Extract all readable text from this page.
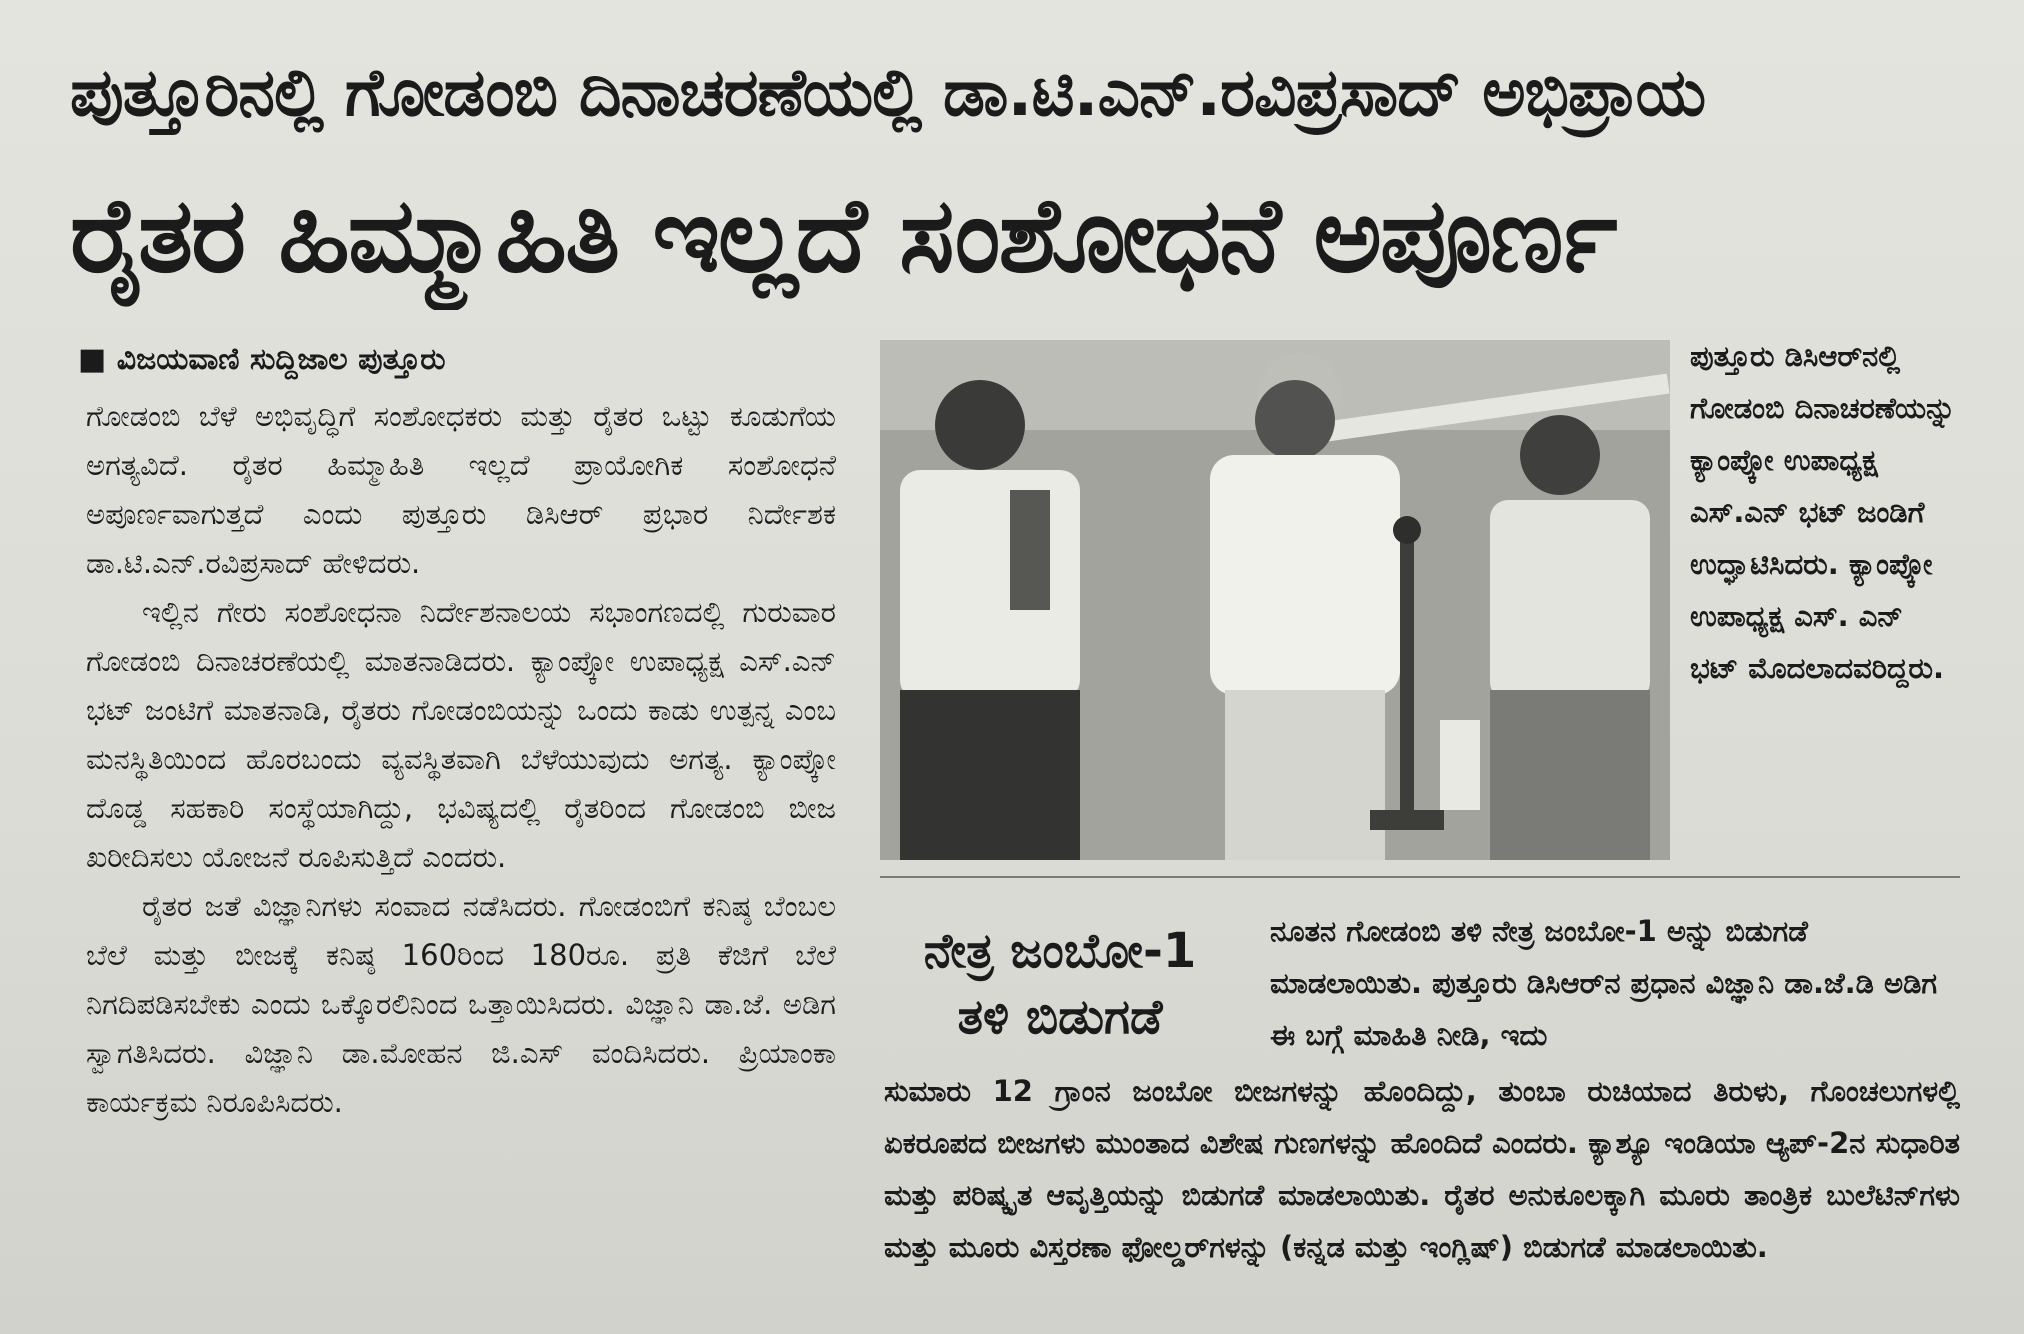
ಪುತ್ತೂರಿನಲ್ಲಿ ಗೋಡಂಬಿ ದಿನಾಚರಣೆಯಲ್ಲಿ ಡಾ.ಟಿ.ಎನ್.ರವಿಪ್ರಸಾದ್ ಅಭಿಪ್ರಾಯ
ರೈತರ ಹಿಮ್ಮಾಹಿತಿ ಇಲ್ಲದೆ ಸಂಶೋಧನೆ ಅಪೂರ್ಣ
■ ವಿಜಯವಾಣಿ ಸುದ್ದಿಜಾಲ ಪುತ್ತೂರು

ಗೋಡಂಬಿ ಬೆಳೆ ಅಭಿವೃದ್ಧಿಗೆ ಸಂಶೋಧಕರು ಮತ್ತು ರೈತರ ಒಟ್ಟು ಕೂಡುಗೆಯ ಅಗತ್ಯವಿದೆ. ರೈತರ ಹಿಮ್ಮಾಹಿತಿ ಇಲ್ಲದೆ ಪ್ರಾಯೋಗಿಕ ಸಂಶೋಧನೆ ಅಪೂರ್ಣವಾಗುತ್ತದೆ ಎಂದು ಪುತ್ತೂರು ಡಿಸಿಆರ್ ಪ್ರಭಾರ ನಿರ್ದೇಶಕ ಡಾ.ಟಿ.ಎನ್.ರವಿಪ್ರಸಾದ್ ಹೇಳಿದರು.

ಇಲ್ಲಿನ ಗೇರು ಸಂಶೋಧನಾ ನಿರ್ದೇಶನಾಲಯ ಸಭಾಂಗಣದಲ್ಲಿ ಗುರುವಾರ ಗೋಡಂಬಿ ದಿನಾಚರಣೆಯಲ್ಲಿ ಮಾತನಾಡಿದರು. ಕ್ಯಾಂಪ್ಕೋ ಉಪಾಧ್ಯಕ್ಷ ಎಸ್.ಎನ್ ಭಟ್ ಜಂಟಿಗೆ ಮಾತನಾಡಿ, ರೈತರು ಗೋಡಂಬಿಯನ್ನು ಒಂದು ಕಾಡು ಉತ್ಪನ್ನ ಎಂಬ ಮನಸ್ಥಿತಿಯಿಂದ ಹೊರಬಂದು ವ್ಯವಸ್ಥಿತವಾಗಿ ಬೆಳೆಯುವುದು ಅಗತ್ಯ. ಕ್ಯಾಂಪ್ಕೋ ದೊಡ್ಡ ಸಹಕಾರಿ ಸಂಸ್ಥೆಯಾಗಿದ್ದು, ಭವಿಷ್ಯದಲ್ಲಿ ರೈತರಿಂದ ಗೋಡಂಬಿ ಬೀಜ ಖರೀದಿಸಲು ಯೋಜನೆ ರೂಪಿಸುತ್ತಿದೆ ಎಂದರು.

ರೈತರ ಜತೆ ವಿಜ್ಞಾನಿಗಳು ಸಂವಾದ ನಡೆಸಿದರು. ಗೋಡಂಬಿಗೆ ಕನಿಷ್ಠ ಬೆಂಬಲ ಬೆಲೆ ಮತ್ತು ಬೀಜಕ್ಕೆ ಕನಿಷ್ಠ 160ರಿಂದ 180ರೂ. ಪ್ರತಿ ಕೆಜಿಗೆ ಬೆಲೆ ನಿಗದಿಪಡಿಸಬೇಕು ಎಂದು ಒಕ್ಕೊರಲಿನಿಂದ ಒತ್ತಾಯಿಸಿದರು. ವಿಜ್ಞಾನಿ ಡಾ.ಜೆ. ಅಡಿಗ ಸ್ವಾಗತಿಸಿದರು. ವಿಜ್ಞಾನಿ ಡಾ.ಮೋಹನ ಜಿ.ಎಸ್ ವಂದಿಸಿದರು. ಪ್ರಿಯಾಂಕಾ ಕಾರ್ಯಕ್ರಮ ನಿರೂಪಿಸಿದರು.

ಪುತ್ತೂರು ಡಿಸಿಆರ್‌ನಲ್ಲಿ ಗೋಡಂಬಿ ದಿನಾಚರಣೆಯನ್ನು ಕ್ಯಾಂಪ್ಕೋ ಉಪಾಧ್ಯಕ್ಷ ಎಸ್.ಎನ್ ಭಟ್ ಜಂಡಿಗೆ ಉದ್ಘಾಟಿಸಿದರು. ಕ್ಯಾಂಪ್ಕೋ ಉಪಾಧ್ಯಕ್ಷ ಎಸ್. ಎನ್ ಭಟ್ ಮೊದಲಾದವರಿದ್ದರು.
ನೇತ್ರ ಜಂಬೋ-1 ತಳಿ ಬಿಡುಗಡೆ
ನೂತನ ಗೋಡಂಬಿ ತಳಿ ನೇತ್ರ ಜಂಬೋ-1 ಅನ್ನು ಬಿಡುಗಡೆ ಮಾಡಲಾಯಿತು. ಪುತ್ತೂರು ಡಿಸಿಆರ್‌ನ ಪ್ರಧಾನ ವಿಜ್ಞಾನಿ ಡಾ.ಜೆ.ಡಿ ಅಡಿಗ ಈ ಬಗ್ಗೆ ಮಾಹಿತಿ ನೀಡಿ, ಇದು
ಸುಮಾರು 12 ಗ್ರಾಂನ ಜಂಬೋ ಬೀಜಗಳನ್ನು ಹೊಂದಿದ್ದು, ತುಂಬಾ ರುಚಿಯಾದ ತಿರುಳು, ಗೊಂಚಲುಗಳಲ್ಲಿ ಏಕರೂಪದ ಬೀಜಗಳು ಮುಂತಾದ ವಿಶೇಷ ಗುಣಗಳನ್ನು ಹೊಂದಿದೆ ಎಂದರು. ಕ್ಯಾಶ್ಯೂ ಇಂಡಿಯಾ ಆ್ಯಪ್-2ನ ಸುಧಾರಿತ ಮತ್ತು ಪರಿಷ್ಕೃತ ಆವೃತ್ತಿಯನ್ನು ಬಿಡುಗಡೆ ಮಾಡಲಾಯಿತು. ರೈತರ ಅನುಕೂಲಕ್ಕಾಗಿ ಮೂರು ತಾಂತ್ರಿಕ ಬುಲೆಟಿನ್‌ಗಳು ಮತ್ತು ಮೂರು ವಿಸ್ತರಣಾ ಫೋಲ್ಡರ್‌ಗಳನ್ನು (ಕನ್ನಡ ಮತ್ತು ಇಂಗ್ಲಿಷ್) ಬಿಡುಗಡೆ ಮಾಡಲಾಯಿತು.
